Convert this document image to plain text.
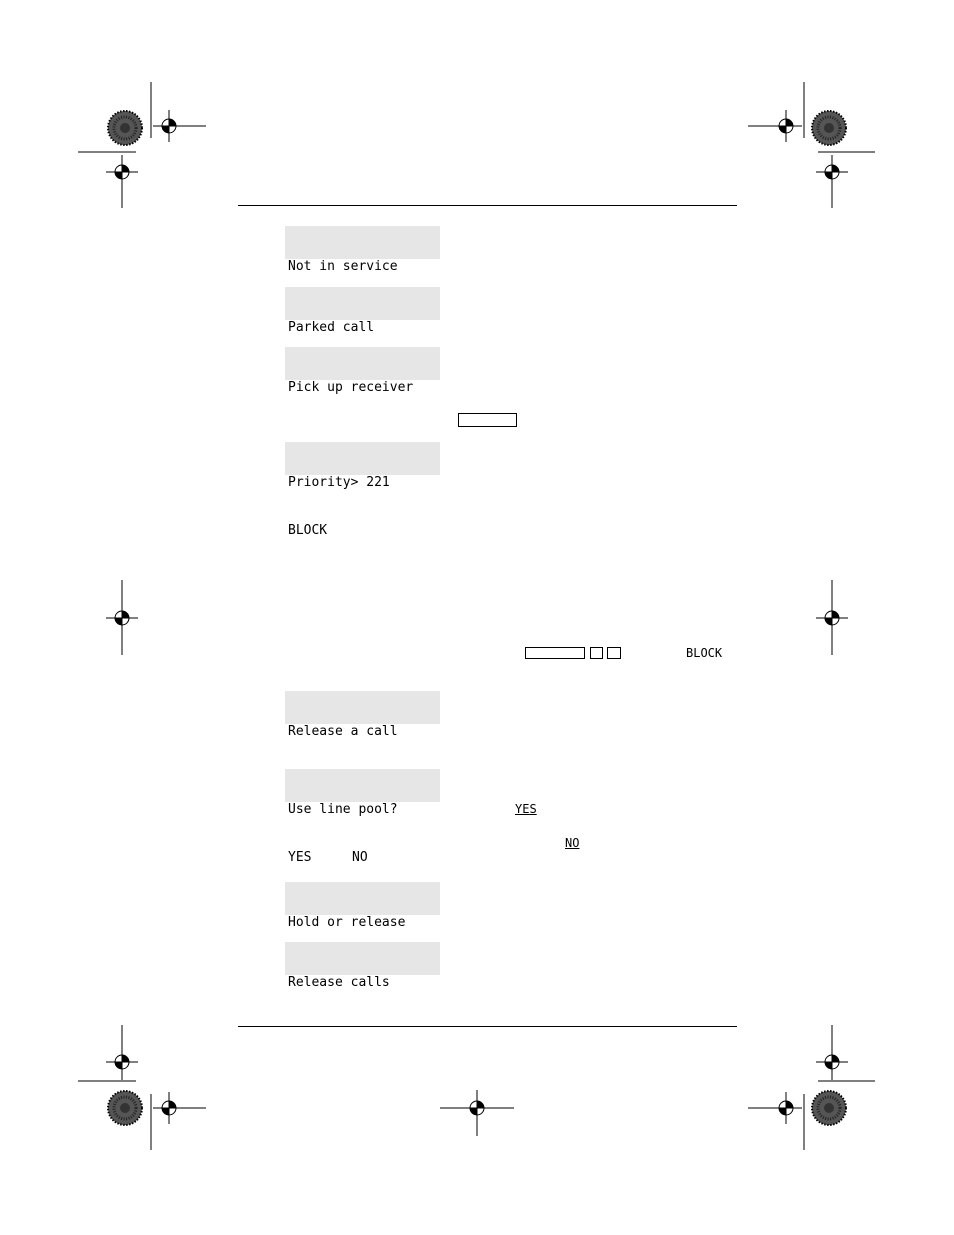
Not in service

Parked call

Pick up receiver

Priority> 221

BLOCK

BLOCK

Release a call

Use line pool?

YES	NO

YES
NO

Hold or release

Release calls
